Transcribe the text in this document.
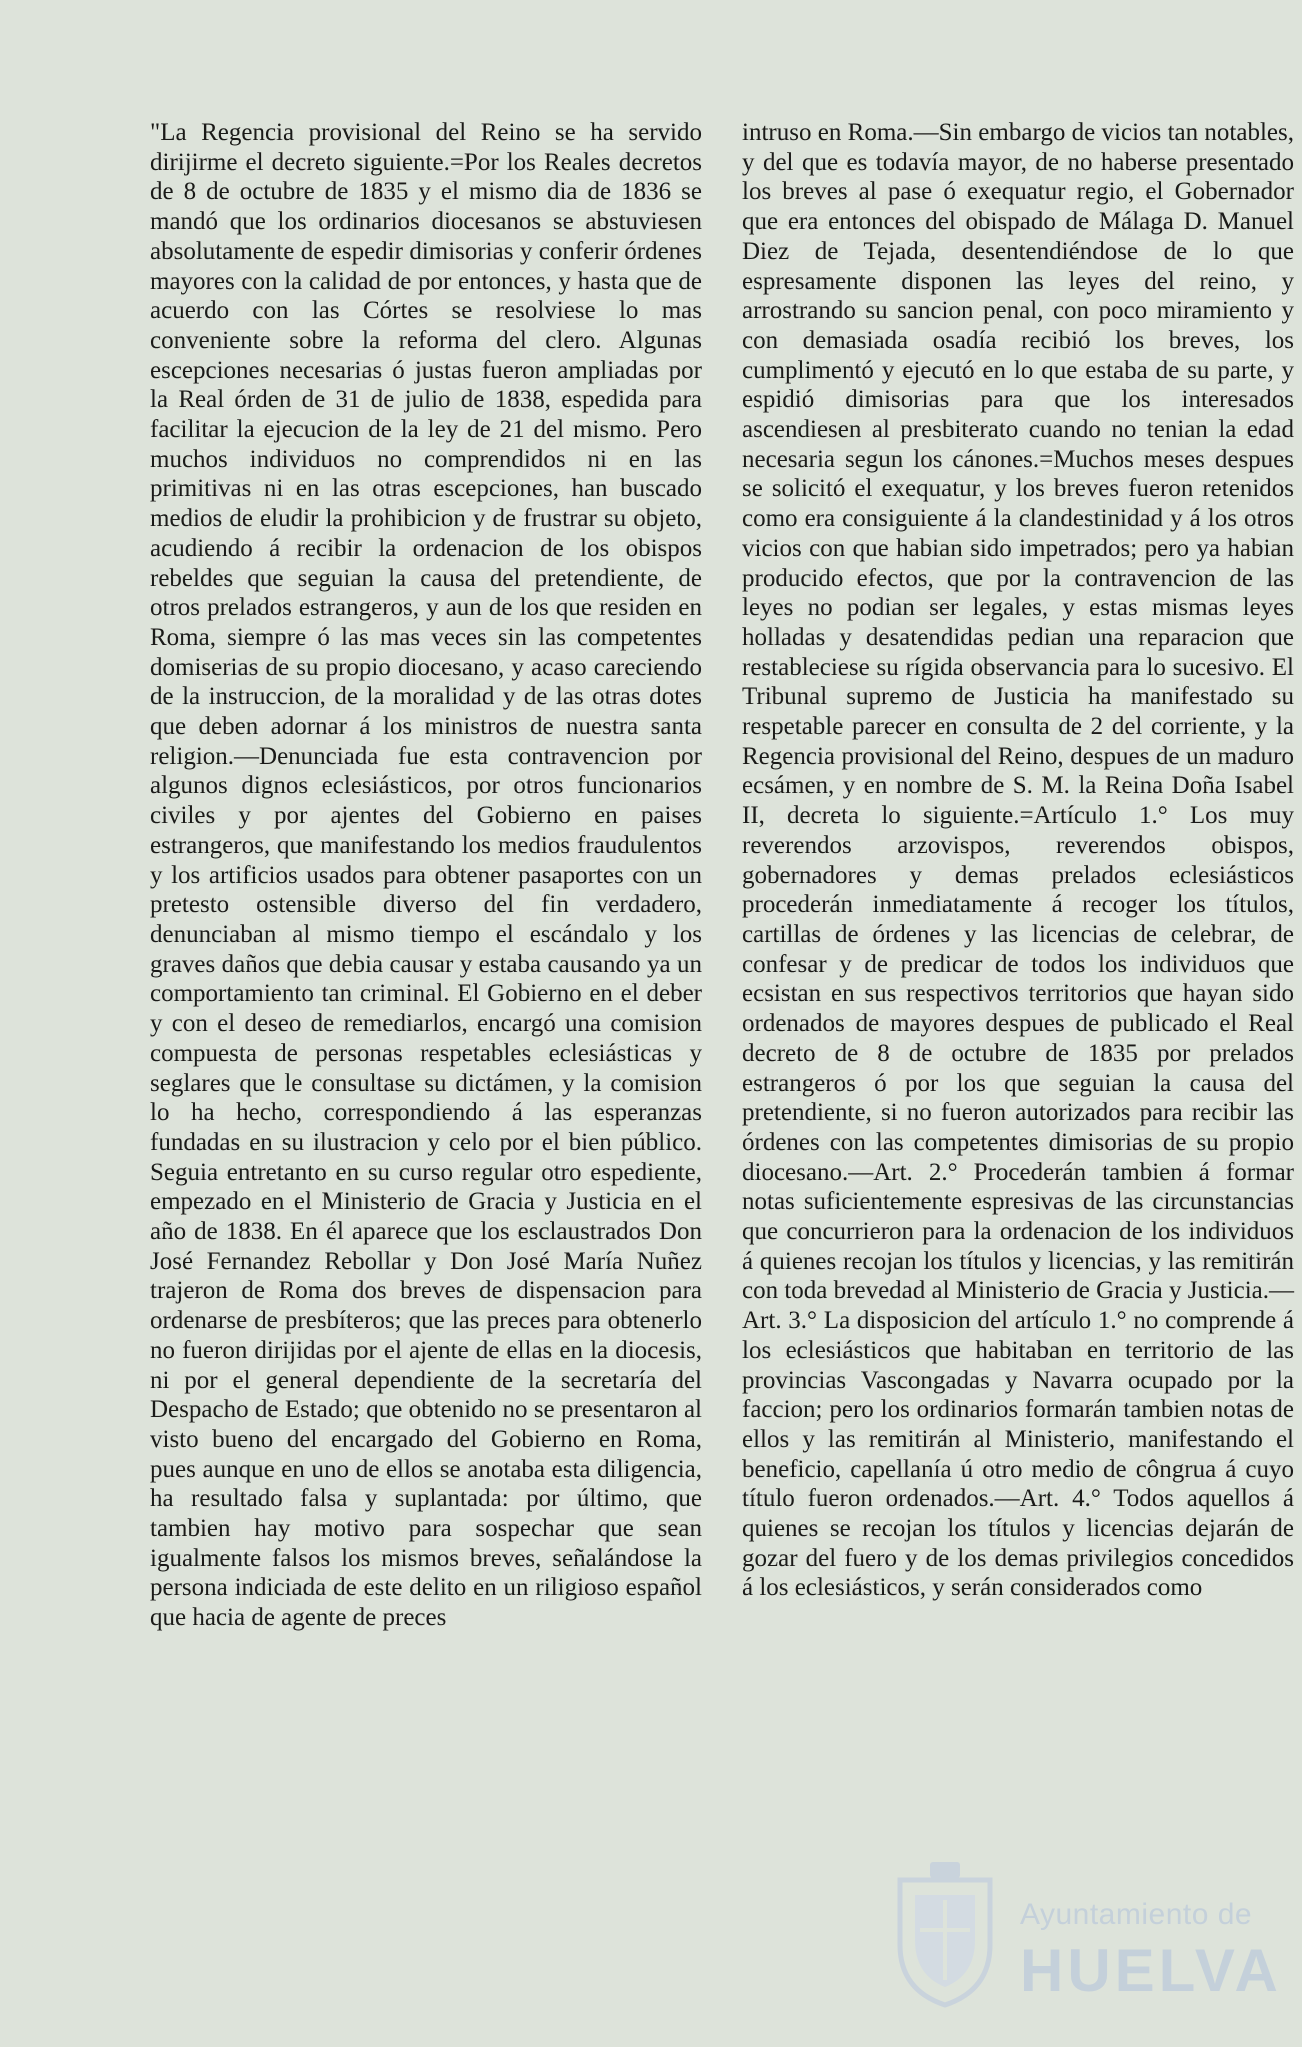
"La Regencia provisional del Reino se ha servido dirijirme el decreto siguiente.=Por los Reales decretos de 8 de octubre de 1835 y el mismo dia de 1836 se mandó que los ordinarios diocesanos se abstuviesen absolutamente de espedir dimisorias y conferir órdenes mayores con la calidad de por entonces, y hasta que de acuerdo con las Córtes se resolviese lo mas conveniente sobre la reforma del clero. Algunas escepciones necesarias ó justas fueron ampliadas por la Real órden de 31 de julio de 1838, espedida para facilitar la ejecucion de la ley de 21 del mismo. Pero muchos individuos no comprendidos ni en las primitivas ni en las otras escepciones, han buscado medios de eludir la prohibicion y de frustrar su objeto, acudiendo á recibir la ordenacion de los obispos rebeldes que seguian la causa del pretendiente, de otros prelados estrangeros, y aun de los que residen en Roma, siempre ó las mas veces sin las competentes domiserias de su propio diocesano, y acaso careciendo de la instruccion, de la moralidad y de las otras dotes que deben adornar á los ministros de nuestra santa religion.—Denunciada fue esta contravencion por algunos dignos eclesiásticos, por otros funcionarios civiles y por ajentes del Gobierno en paises estrangeros, que manifestando los medios fraudulentos y los artificios usados para obtener pasaportes con un pretesto ostensible diverso del fin verdadero, denunciaban al mismo tiempo el escándalo y los graves daños que debia causar y estaba causando ya un comportamiento tan criminal. El Gobierno en el deber y con el deseo de remediarlos, encargó una comision compuesta de personas respetables eclesiásticas y seglares que le consultase su dictámen, y la comision lo ha hecho, correspondiendo á las esperanzas fundadas en su ilustracion y celo por el bien público. Seguia entretanto en su curso regular otro espediente, empezado en el Ministerio de Gracia y Justicia en el año de 1838. En él aparece que los esclaustrados Don José Fernandez Rebollar y Don José María Nuñez trajeron de Roma dos breves de dispensacion para ordenarse de presbíteros; que las preces para obtenerlo no fueron dirijidas por el ajente de ellas en la diocesis, ni por el general dependiente de la secretaría del Despacho de Estado; que obtenido no se presentaron al visto bueno del encargado del Gobierno en Roma, pues aunque en uno de ellos se anotaba esta diligencia, ha resultado falsa y suplantada: por último, que tambien hay motivo para sospechar que sean igualmente falsos los mismos breves, señalándose la persona indiciada de este delito en un riligioso español que hacia de agente de preces

intruso en Roma.—Sin embargo de vicios tan notables, y del que es todavía mayor, de no haberse presentado los breves al pase ó exequatur regio, el Gobernador que era entonces del obispado de Málaga D. Manuel Diez de Tejada, desentendiéndose de lo que espresamente disponen las leyes del reino, y arrostrando su sancion penal, con poco miramiento y con demasiada osadía recibió los breves, los cumplimentó y ejecutó en lo que estaba de su parte, y espidió dimisorias para que los interesados ascendiesen al presbiterato cuando no tenian la edad necesaria segun los cánones.=Muchos meses despues se solicitó el exequatur, y los breves fueron retenidos como era consiguiente á la clandestinidad y á los otros vicios con que habian sido impetrados; pero ya habian producido efectos, que por la contravencion de las leyes no podian ser legales, y estas mismas leyes holladas y desatendidas pedian una reparacion que restableciese su rígida observancia para lo sucesivo. El Tribunal supremo de Justicia ha manifestado su respetable parecer en consulta de 2 del corriente, y la Regencia provisional del Reino, despues de un maduro ecsámen, y en nombre de S. M. la Reina Doña Isabel II, decreta lo siguiente.=Artículo 1.° Los muy reverendos arzovispos, reverendos obispos, gobernadores y demas prelados eclesiásticos procederán inmediatamente á recoger los títulos, cartillas de órdenes y las licencias de celebrar, de confesar y de predicar de todos los individuos que ecsistan en sus respectivos territorios que hayan sido ordenados de mayores despues de publicado el Real decreto de 8 de octubre de 1835 por prelados estrangeros ó por los que seguian la causa del pretendiente, si no fueron autorizados para recibir las órdenes con las competentes dimisorias de su propio diocesano.—Art. 2.° Procederán tambien á formar notas suficientemente espresivas de las circunstancias que concurrieron para la ordenacion de los individuos á quienes recojan los títulos y licencias, y las remitirán con toda brevedad al Ministerio de Gracia y Justicia.—Art. 3.° La disposicion del artículo 1.° no comprende á los eclesiásticos que habitaban en territorio de las provincias Vascongadas y Navarra ocupado por la faccion; pero los ordinarios formarán tambien notas de ellos y las remitirán al Ministerio, manifestando el beneficio, capellanía ú otro medio de côngrua á cuyo título fueron ordenados.—Art. 4.° Todos aquellos á quienes se recojan los títulos y licencias dejarán de gozar del fuero y de los demas privilegios concedidos á los eclesiásticos, y serán considerados como

Ayuntamiento de
HUELVA
